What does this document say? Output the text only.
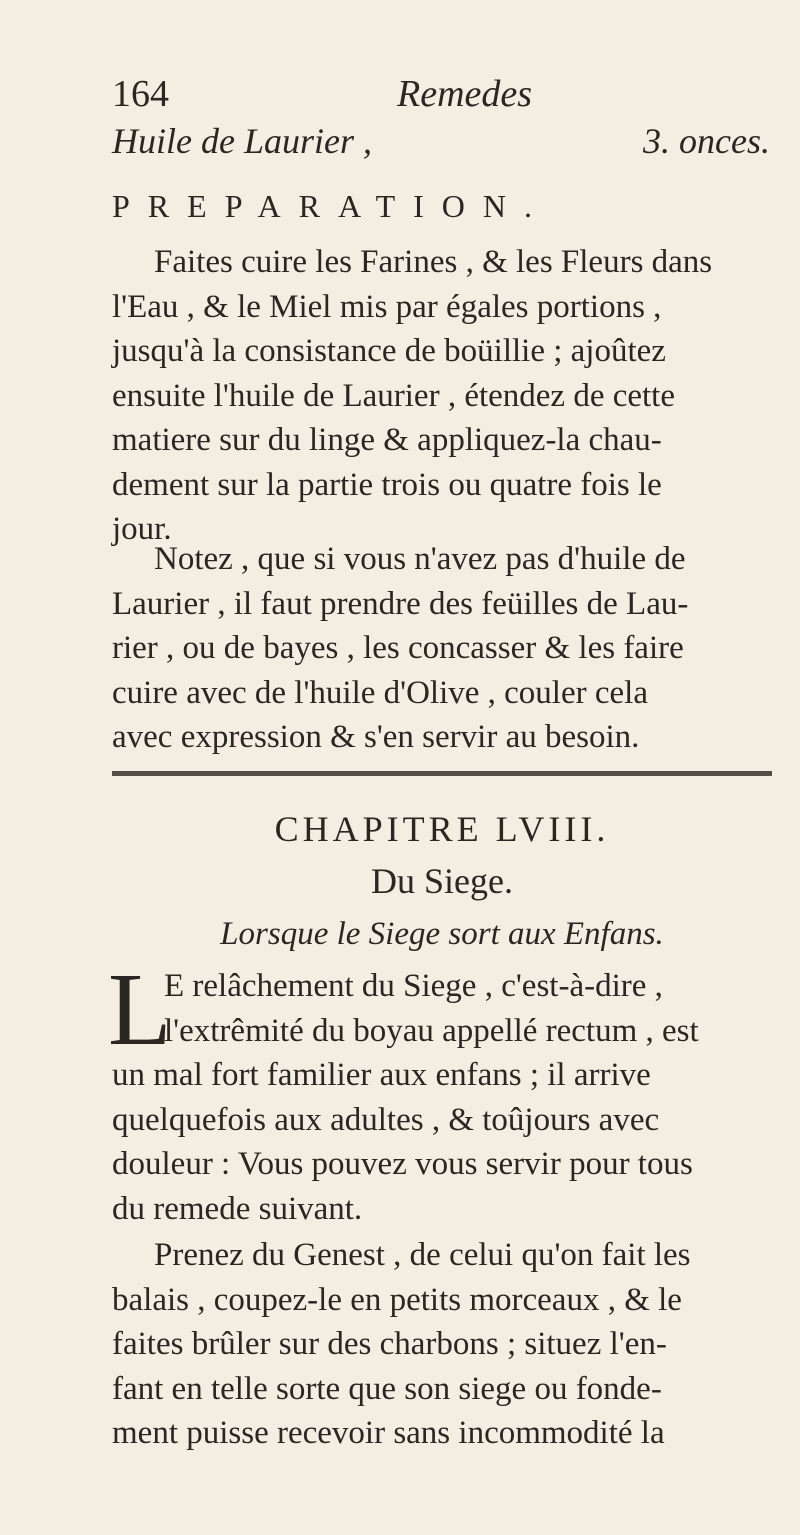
164	Remedes
Huile de Laurier ,	3. onces.
PREPARATION.

Faites cuire les Farines , & les Fleurs dans
l'Eau , & le Miel mis par égales portions ,
jusqu'à la consistance de boüillie ; ajoûtez
ensuite l'huile de Laurier , étendez de cette
matiere sur du linge & appliquez-la chau-
dement sur la partie trois ou quatre fois le
jour.

Notez , que si vous n'avez pas d'huile de
Laurier , il faut prendre des feüilles de Lau-
rier , ou de bayes , les concasser & les faire
cuire avec de l'huile d'Olive , couler cela
avec expression & s'en servir au besoin.

CHAPITRE LVIII.
Du Siege.
Lorsque le Siege sort aux Enfans.
L

E relâchement du Siege , c'est-à-dire ,
l'extrêmité du boyau appellé rectum , est
un mal fort familier aux enfans ; il arrive
quelquefois aux adultes , & toûjours avec
douleur : Vous pouvez vous servir pour tous
du remede suivant.

Prenez du Genest , de celui qu'on fait les
balais , coupez-le en petits morceaux , & le
faites brûler sur des charbons ; situez l'en-
fant en telle sorte que son siege ou fonde-
ment puisse recevoir sans incommodité la
